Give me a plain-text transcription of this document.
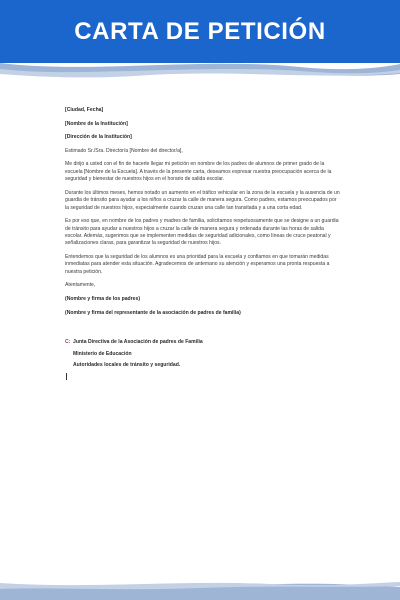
CARTA DE PETICIÓN

[Ciudad, Fecha]

[Nombre de la Institución]

[Dirección de la Institución]

Estimado Sr./Sra. Director/a [Nombre del director/a],

Me dirijo a usted con el fin de hacerle llegar mi petición en nombre de los padres de alumnos de primer grado de la escuela [Nombre de la Escuela]. A través de la presente carta, deseamos expresar nuestra preocupación acerca de la seguridad y bienestar de nuestros hijos en el horario de salida escolar.

Durante los últimos meses, hemos notado un aumento en el tráfico vehicular en la zona de la escuela y la ausencia de un guardia de tránsito para ayudar a los niños a cruzar la calle de manera segura. Como padres, estamos preocupados por la seguridad de nuestros hijos, especialmente cuando cruzan una calle tan transitada y a una corta edad.

Es por eso que, en nombre de los padres y madres de familia, solicitamos respetuosamente que se designe a un guardia de tránsito para ayudar a nuestros hijos a cruzar la calle de manera segura y ordenada durante las horas de salida escolar. Además, sugerimos que se implementen medidas de seguridad adicionales, como líneas de cruce peatonal y señalizaciones claras, para garantizar la seguridad de nuestros hijos.

Entendemos que la seguridad de los alumnos es una prioridad para la escuela y confiamos en que tomarán medidas inmediatas para atender esta situación. Agradecemos de antemano su atención y esperamos una pronta respuesta a nuestra petición.

Atentamente,

(Nombre y firma de los padres)

(Nombre y firma del representante de la asociación de padres de familia)

C: Junta Directiva de la Asociación de padres de Familia
Ministerio de Educación
Autoridades locales de tránsito y seguridad.
